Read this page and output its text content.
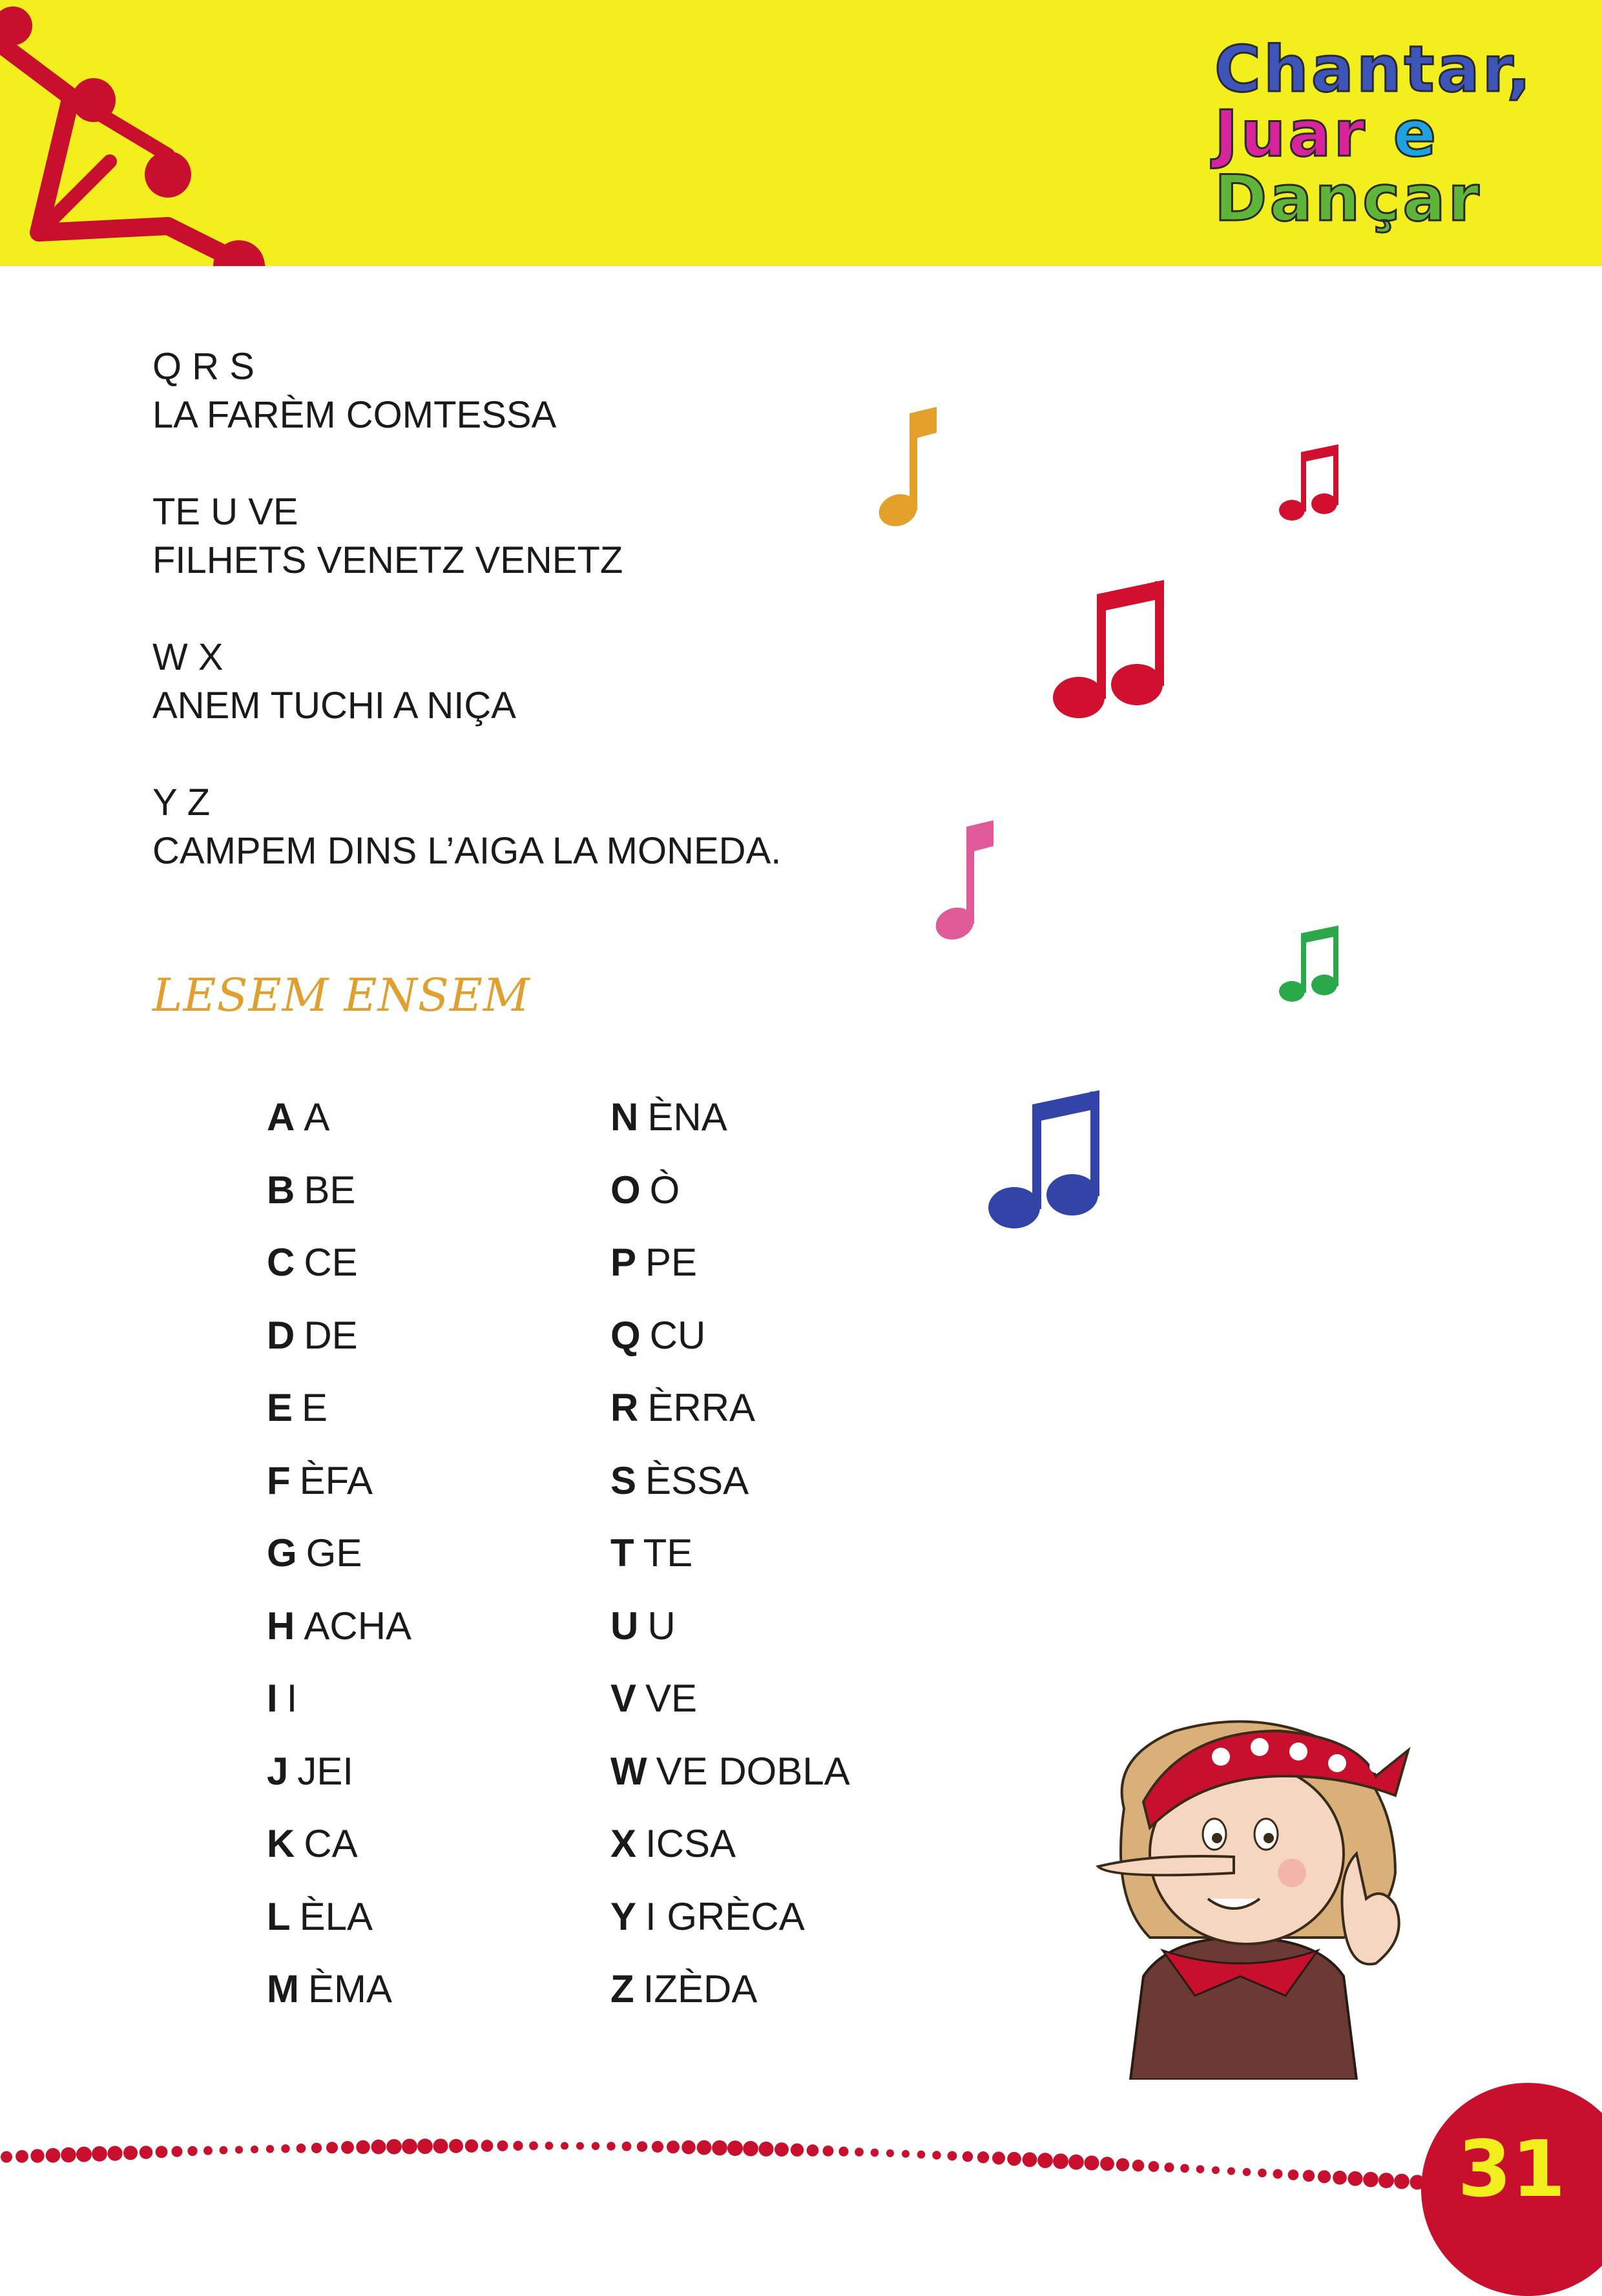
Chantar,
Juar e
Dançar
Q R S
LA FARÈM COMTESSA
TE U VE
FILHETS VENETZ VENETZ
W X
ANEM TUCHI A NIÇA
Y Z
CAMPEM DINS L’AIGA LA MONEDA.
LESEM ENSEM
A A
B BE
C CE
D DE
E E
F ÈFA
G GE
H ACHA
I I
J JEI
K CA
L ÈLA
M ÈMA
N ÈNA
O Ò
P PE
Q CU
R ÈRRA
S ÈSSA
T TE
U U
V VE
W VE DOBLA
X ICSA
Y I GRÈCA
Z IZÈDA
31
